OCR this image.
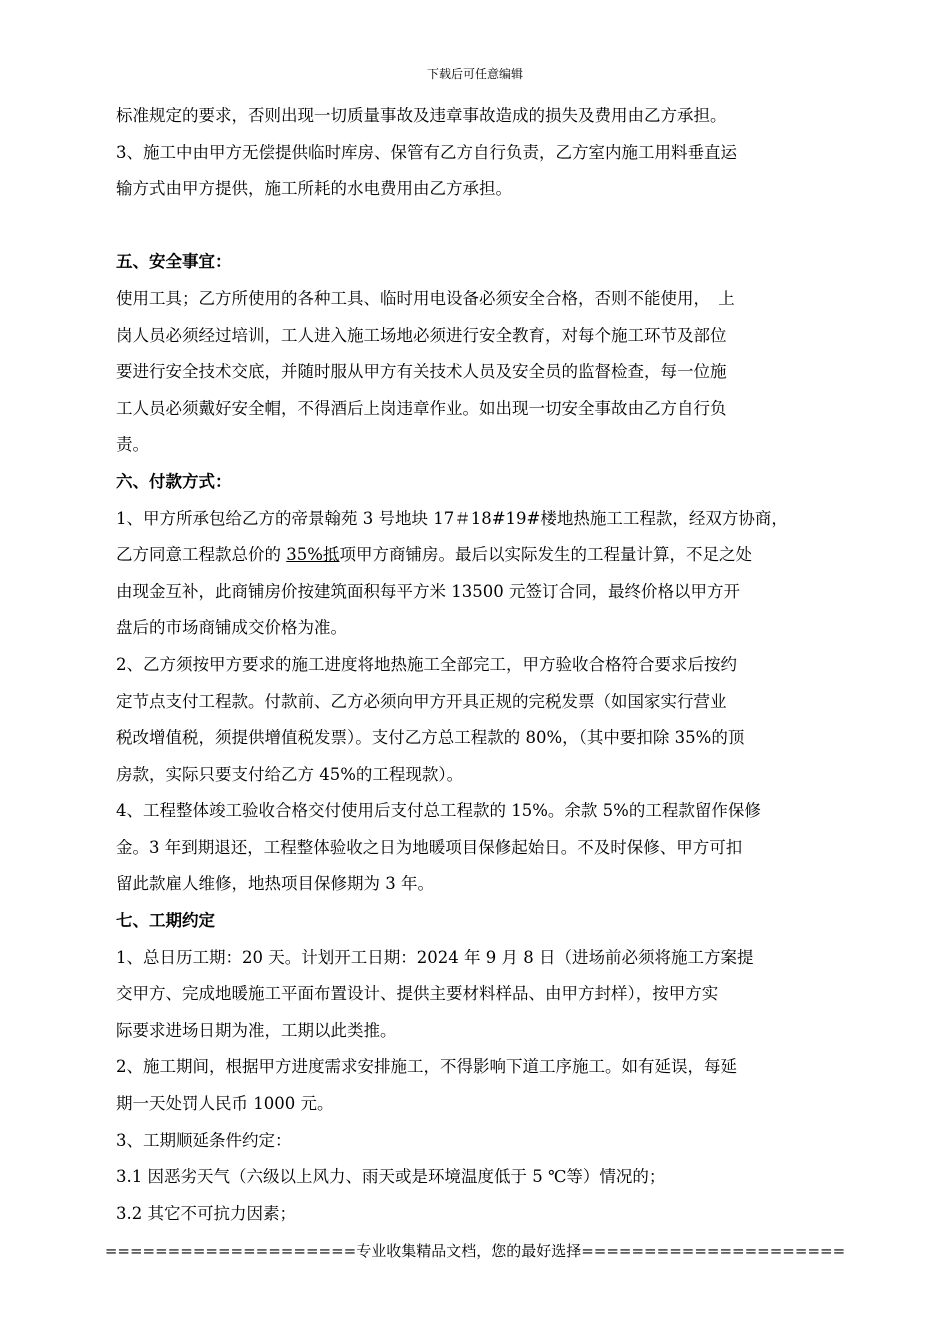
下载后可任意编辑
标准规定的要求，否则出现一切质量事故及违章事故造成的损失及费用由乙方承担。
3、施工中由甲方无偿提供临时库房、保管有乙方自行负责，乙方室内施工用料垂直运
输方式由甲方提供，施工所耗的水电费用由乙方承担。
五、安全事宜：
使用工具；乙方所使用的各种工具、临时用电设备必须安全合格，否则不能使用，　上
岗人员必须经过培训，工人进入施工场地必须进行安全教育，对每个施工环节及部位
要进行安全技术交底，并随时服从甲方有关技术人员及安全员的监督检查，每一位施
工人员必须戴好安全帽，不得酒后上岗违章作业。如出现一切安全事故由乙方自行负
责。
六、付款方式：
1、甲方所承包给乙方的帝景翰苑 3 号地块 17＃18#19#楼地热施工工程款，经双方协商，
乙方同意工程款总价的 35%抵项甲方商铺房。最后以实际发生的工程量计算，不足之处
由现金互补，此商铺房价按建筑面积每平方米 13500 元签订合同，最终价格以甲方开
盘后的市场商铺成交价格为准。
2、乙方须按甲方要求的施工进度将地热施工全部完工，甲方验收合格符合要求后按约
定节点支付工程款。付款前、乙方必须向甲方开具正规的完税发票（如国家实行营业
税改增值税，须提供增值税发票）。支付乙方总工程款的 80%，（其中要扣除 35%的顶
房款，实际只要支付给乙方 45%的工程现款）。
4、工程整体竣工验收合格交付使用后支付总工程款的 15%。余款 5%的工程款留作保修
金。3 年到期退还，工程整体验收之日为地暖项目保修起始日。不及时保修、甲方可扣
留此款雇人维修，地热项目保修期为 3 年。
七、工期约定
1、总日历工期：20 天。计划开工日期：2024 年 9 月 8 日（进场前必须将施工方案提
交甲方、完成地暖施工平面布置设计、提供主要材料样品、由甲方封样），按甲方实
际要求进场日期为准，工期以此类推。
2、施工期间，根据甲方进度需求安排施工，不得影响下道工序施工。如有延误，每延
期一天处罚人民币 1000 元。
3、工期顺延条件约定：
3.1 因恶劣天气（六级以上风力、雨天或是环境温度低于 5 ℃等）情况的；
3.2 其它不可抗力因素；
====================专业收集精品文档，您的最好选择=====================
